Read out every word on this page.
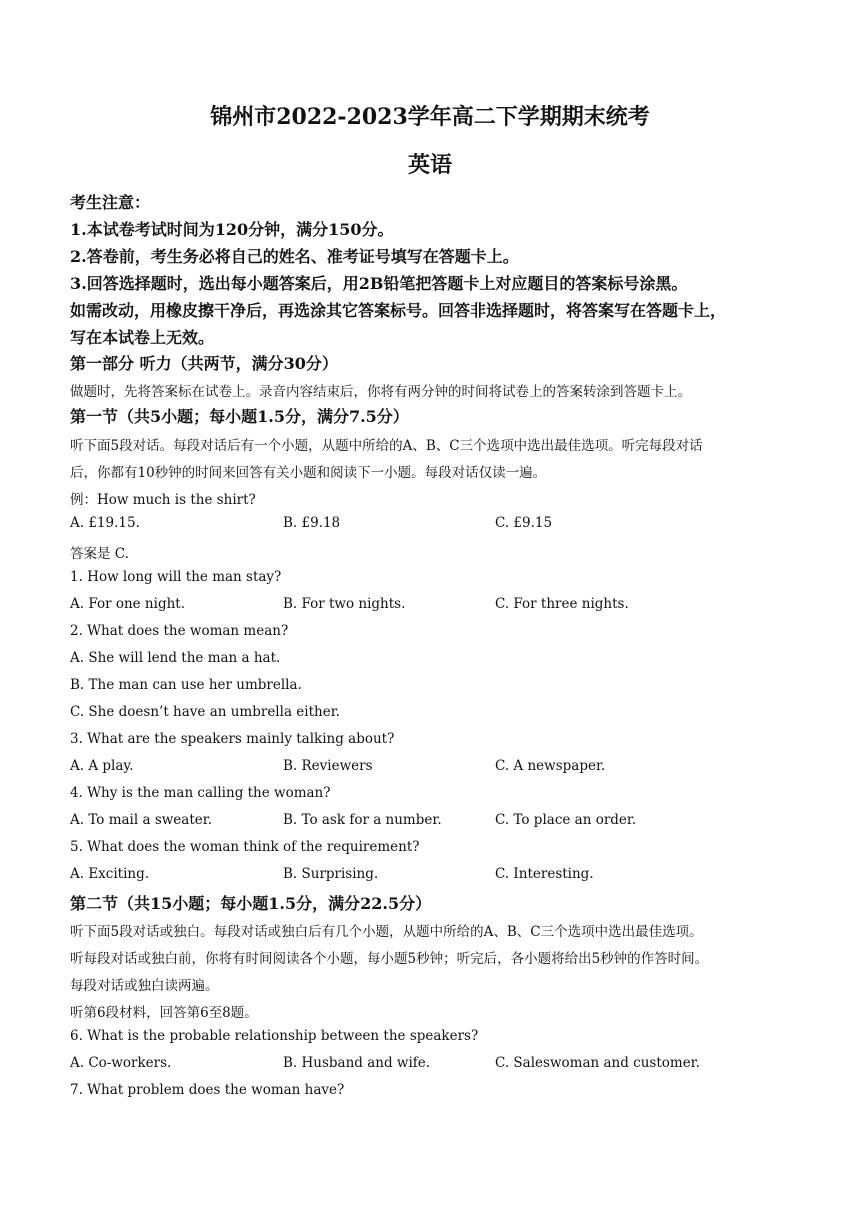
锦州市2022-2023学年高二下学期期末统考
英语
考生注意：
1.本试卷考试时间为120分钟，满分150分。
2.答卷前，考生务必将自己的姓名、准考证号填写在答题卡上。
3.回答选择题时，选出每小题答案后，用2B铅笔把答题卡上对应题目的答案标号涂黑。
如需改动，用橡皮擦干净后，再选涂其它答案标号。回答非选择题时，将答案写在答题卡上，
写在本试卷上无效。
第一部分 听力（共两节，满分30分）
做题时，先将答案标在试卷上。录音内容结束后，你将有两分钟的时间将试卷上的答案转涂到答题卡上。
第一节（共5小题；每小题1.5分，满分7.5分）
听下面5段对话。每段对话后有一个小题，从题中所给的A、B、C三个选项中选出最佳选项。听完每段对话
后，你都有10秒钟的时间来回答有关小题和阅读下一小题。每段对话仅读一遍。
例：How much is the shirt?
A. £19.15.	B. £9.18	C. £9.15
答案是 C.
1. How long will the man stay?
A. For one night.	B. For two nights.	C. For three nights.
2. What does the woman mean?
A. She will lend the man a hat.
B. The man can use her umbrella.
C. She doesn’t have an umbrella either.
3. What are the speakers mainly talking about?
A. A play.	B. Reviewers	C. A newspaper.
4. Why is the man calling the woman?
A. To mail a sweater.	B. To ask for a number.	C. To place an order.
5. What does the woman think of the requirement?
A. Exciting.	B. Surprising.	C. Interesting.
第二节（共15小题；每小题1.5分，满分22.5分）
听下面5段对话或独白。每段对话或独白后有几个小题，从题中所给的A、B、C三个选项中选出最佳选项。
听每段对话或独白前，你将有时间阅读各个小题，每小题5秒钟；听完后，各小题将给出5秒钟的作答时间。
每段对话或独白读两遍。
听第6段材料，回答第6至8题。
6. What is the probable relationship between the speakers?
A. Co-workers.	B. Husband and wife.	C. Saleswoman and customer.
7. What problem does the woman have?
